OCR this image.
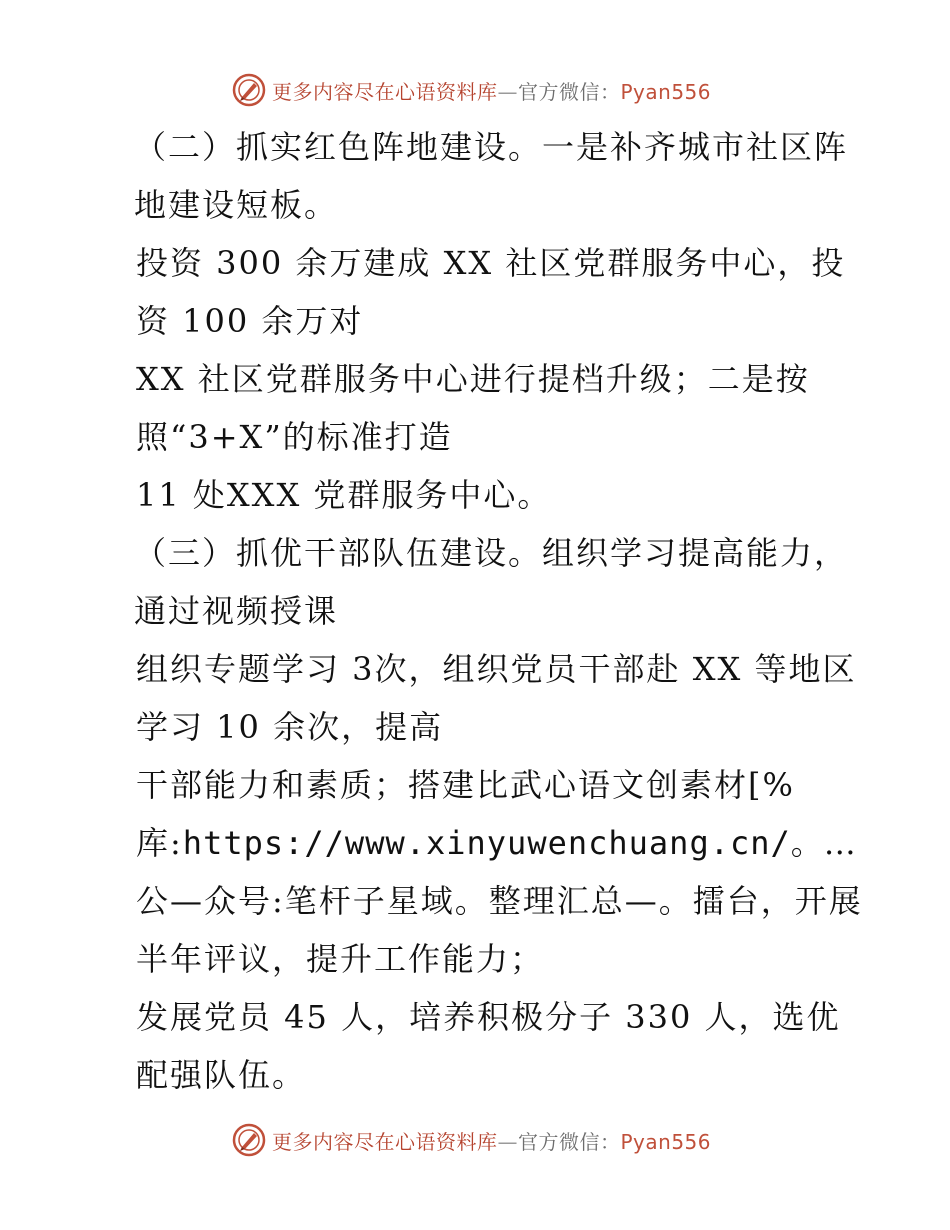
更多内容尽在心语资料库—官方微信：Pyan556

（二）抓实红色阵地建设。一是补齐城市社区阵地建设短板。

投资 300 余万建成 XX 社区党群服务中心，投资 100 余万对

XX 社区党群服务中心进行提档升级；二是按照“3+X”的标准打造

11 处XXX 党群服务中心。

（三）抓优干部队伍建设。组织学习提高能力，通过视频授课

组织专题学习 3次，组织党员干部赴 XX 等地区学习 10 余次，提高

干部能力和素质；搭建比武心语文创素材[%库:https://www.xinyuwenchuang.cn/。…公—众号:笔杆子星域。整理汇总—。擂台，开展半年评议，提升工作能力；

发展党员 45 人，培养积极分子 330 人，选优配强队伍。

更多内容尽在心语资料库—官方微信：Pyan556
